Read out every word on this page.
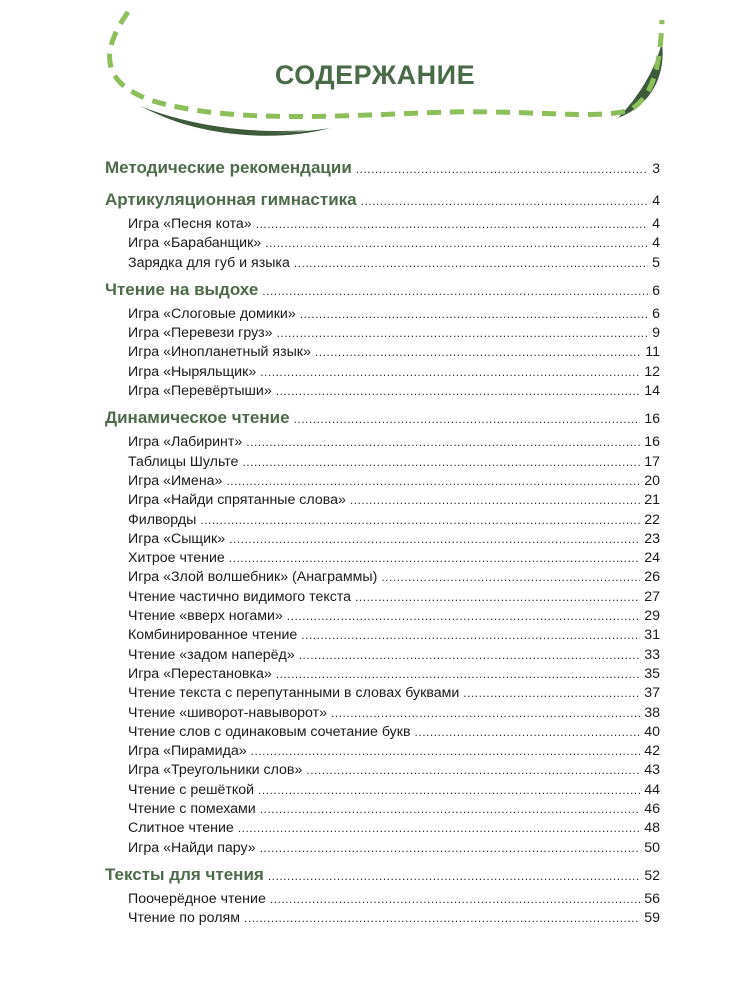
СОДЕРЖАНИЕ
Методические рекомендации .....	3
Артикуляционная гимнастика .....	4
Игра «Песня кота» .....	4
Игра «Барабанщик» .....	4
Зарядка для губ и языка .....	5
Чтение на выдохе .....	6
Игра «Слоговые домики» .....	6
Игра «Перевези груз» .....	9
Игра «Инопланетный язык» .....	11
Игра «Ныряльщик» .....	12
Игра «Перевёртыши» .....	14
Динамическое чтение .....	16
Игра «Лабиринт» .....	16
Таблицы Шульте .....	17
Игра «Имена» .....	20
Игра «Найди спрятанные слова» .....	21
Филворды .....	22
Игра «Сыщик» .....	23
Хитрое чтение .....	24
Игра «Злой волшебник» (Анаграммы) .....	26
Чтение частично видимого текста .....	27
Чтение «вверх ногами» .....	29
Комбинированное чтение .....	31
Чтение «задом наперёд» .....	33
Игра «Перестановка» .....	35
Чтение текста с перепутанными в словах буквами .....	37
Чтение «шиворот-навыворот» .....	38
Чтение слов с одинаковым сочетание букв .....	40
Игра «Пирамида» .....	42
Игра «Треугольники слов» .....	43
Чтение с решёткой .....	44
Чтение с помехами .....	46
Слитное чтение .....	48
Игра «Найди пару» .....	50
Тексты для чтения .....	52
Поочерёдное чтение .....	56
Чтение по ролям .....	59
